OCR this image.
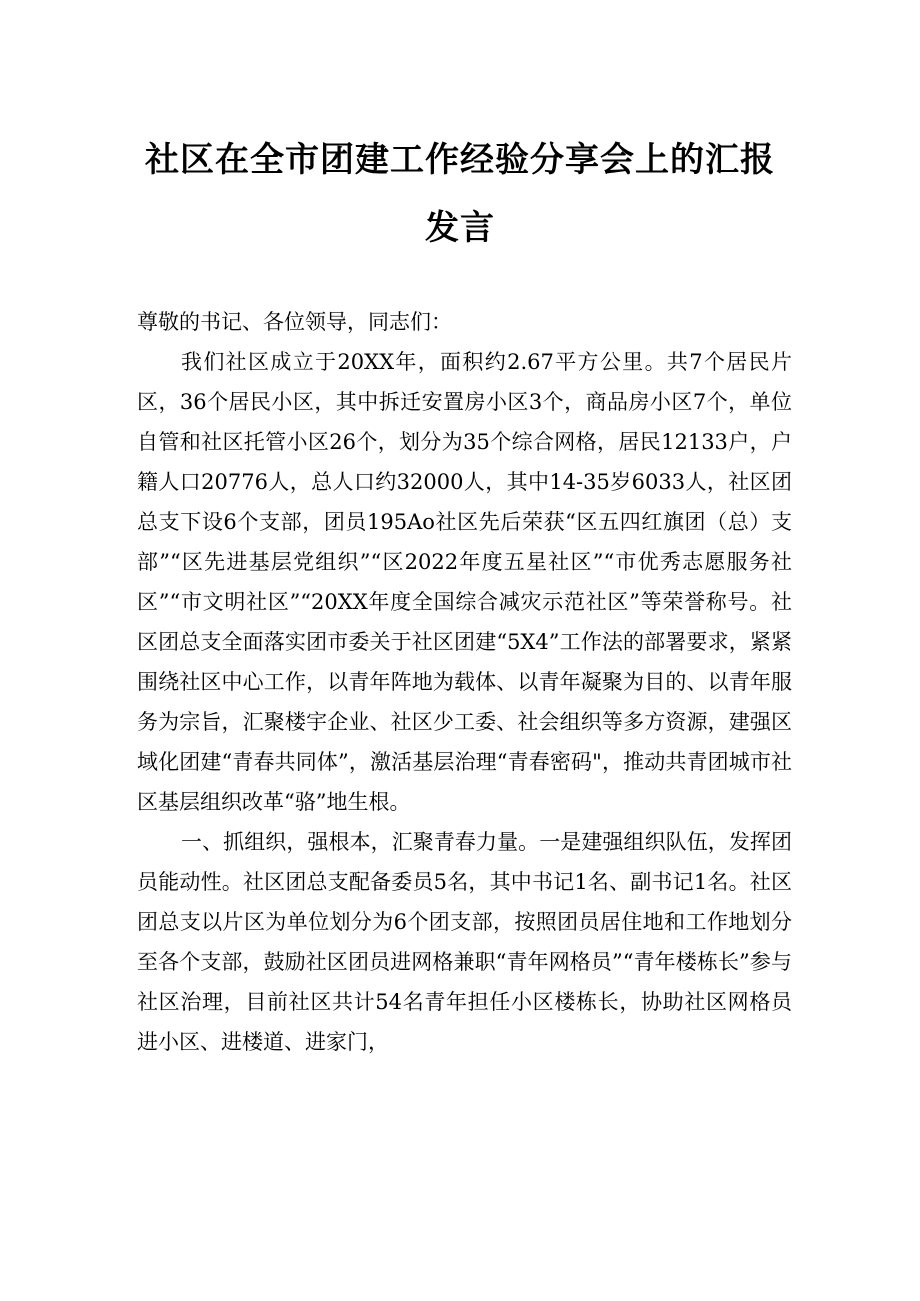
社区在全市团建工作经验分享会上的汇报
发言

尊敬的书记、各位领导，同志们：

我们社区成立于20XX年，面积约2.67平方公里。共7个居民片区，36个居民小区，其中拆迁安置房小区3个，商品房小区7个，单位自管和社区托管小区26个，划分为35个综合网格，居民12133户，户籍人口20776人，总人口约32000人，其中14-35岁6033人，社区团总支下设6个支部，团员195Ao社区先后荣获“区五四红旗团（总）支部”“区先进基层党组织”“区2022年度五星社区”“市优秀志愿服务社区”“市文明社区”“20XX年度全国综合减灾示范社区”等荣誉称号。社区团总支全面落实团市委关于社区团建“5X4”工作法的部署要求，紧紧围绕社区中心工作，以青年阵地为载体、以青年凝聚为目的、以青年服务为宗旨，汇聚楼宇企业、社区少工委、社会组织等多方资源，建强区域化团建“青春共同体”，激活基层治理“青春密码"，推动共青团城市社区基层组织改革“骆”地生根。

一、抓组织，强根本，汇聚青春力量。一是建强组织队伍，发挥团员能动性。社区团总支配备委员5名，其中书记1名、副书记1名。社区团总支以片区为单位划分为6个团支部，按照团员居住地和工作地划分至各个支部，鼓励社区团员进网格兼职“青年网格员”“青年楼栋长”参与社区治理，目前社区共计54名青年担任小区楼栋长，协助社区网格员进小区、进楼道、进家门，
